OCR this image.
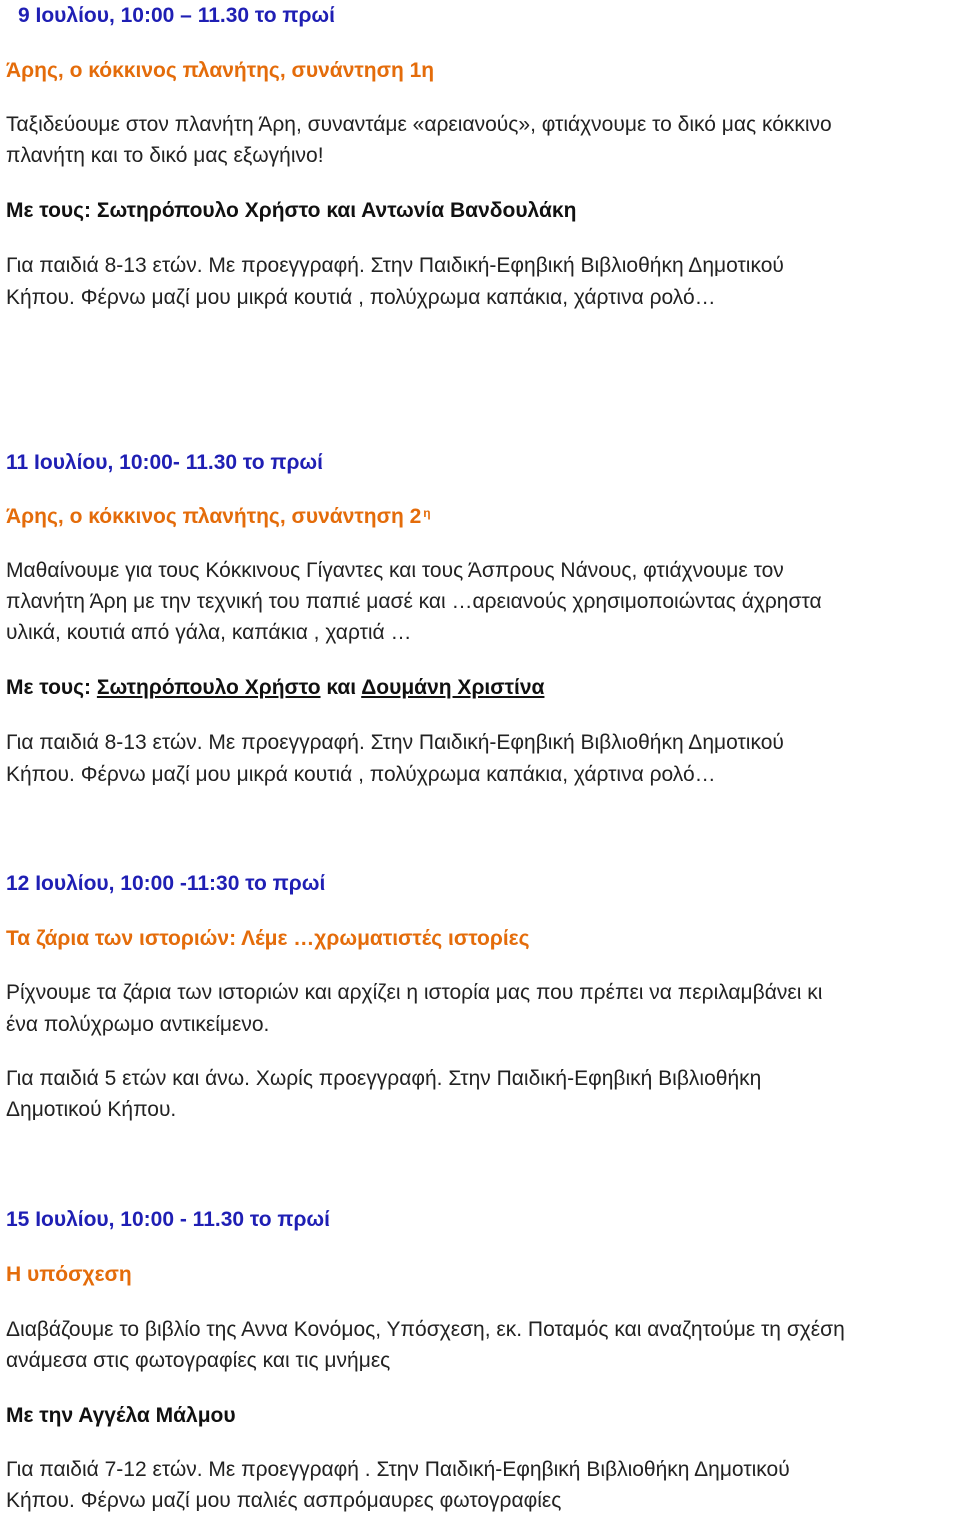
9 Ιουλίου, 10:00 – 11.30 το πρωί
Άρης, ο κόκκινος πλανήτης, συνάντηση 1η
Ταξιδεύουμε στον πλανήτη Άρη, συναντάμε «αρειανούς», φτιάχνουμε το δικό μας κόκκινο
πλανήτη και το δικό μας εξωγήινο!
Με τους: Σωτηρόπουλο Χρήστο και Αντωνία Βανδουλάκη
Για παιδιά 8-13 ετών. Με προεγγραφή. Στην Παιδική-Εφηβική Βιβλιοθήκη Δημοτικού
Κήπου. Φέρνω μαζί μου μικρά κουτιά , πολύχρωμα καπάκια, χάρτινα ρολό…
11 Ιουλίου, 10:00- 11.30 το πρωί
Άρης, ο κόκκινος πλανήτης, συνάντηση 2 $^\eta$
Μαθαίνουμε για τους Κόκκινους Γίγαντες και τους Άσπρους Νάνους, φτιάχνουμε τον
πλανήτη Άρη με την τεχνική του παπιέ μασέ και …αρειανούς χρησιμοποιώντας άχρηστα
υλικά, κουτιά από γάλα, καπάκια , χαρτιά …
Με τους: Σωτηρόπουλο Χρήστο και Δουμάνη Χριστίνα
Για παιδιά 8-13 ετών. Με προεγγραφή. Στην Παιδική-Εφηβική Βιβλιοθήκη Δημοτικού
Κήπου. Φέρνω μαζί μου μικρά κουτιά , πολύχρωμα καπάκια, χάρτινα ρολό…
12 Ιουλίου, 10:00 -11:30 το πρωί
Τα ζάρια των ιστοριών: Λέμε …χρωματιστές ιστορίες
Ρίχνουμε τα ζάρια των ιστοριών και αρχίζει η ιστορία μας που πρέπει να περιλαμβάνει κι
ένα πολύχρωμο αντικείμενο.
Για παιδιά 5 ετών και άνω. Χωρίς προεγγραφή. Στην Παιδική-Εφηβική Βιβλιοθήκη
Δημοτικού Κήπου.
15 Ιουλίου, 10:00 - 11.30 το πρωί
Η υπόσχεση
Διαβάζουμε το βιβλίο της Αννα Κονόμος, Υπόσχεση, εκ. Ποταμός και αναζητούμε τη σχέση
ανάμεσα στις φωτογραφίες και τις μνήμες
Με την Αγγέλα Μάλμου
Για παιδιά 7-12 ετών. Με προεγγραφή . Στην Παιδική-Εφηβική Βιβλιοθήκη Δημοτικού
Κήπου. Φέρνω μαζί μου παλιές ασπρόμαυρες φωτογραφίες
